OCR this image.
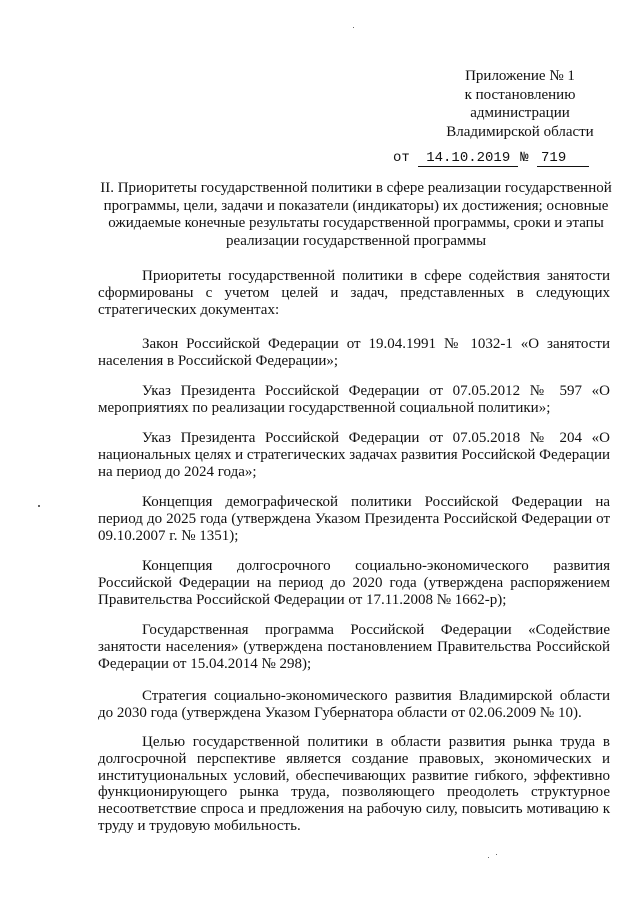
Приложение № 1
к постановлению
администрации
Владимирской области
от 14.10.2019 № 719
II. Приоритеты государственной политики в сфере реализации государственной программы, цели, задачи и показатели (индикаторы) их достижения; основные ожидаемые конечные результаты государственной программы, сроки и этапы реализации государственной программы

Приоритеты государственной политики в сфере содействия занятости сформированы с учетом целей и задач, представленных в следующих стратегических документах:

Закон Российской Федерации от 19.04.1991 № 1032-1 «О занятости населения в Российской Федерации»;

Указ Президента Российской Федерации от 07.05.2012 № 597 «О мероприятиях по реализации государственной социальной политики»;

Указ Президента Российской Федерации от 07.05.2018 № 204 «О национальных целях и стратегических задачах развития Российской Федерации на период до 2024 года»;

Концепция демографической политики Российской Федерации на период до 2025 года (утверждена Указом Президента Российской Федерации от 09.10.2007 г. № 1351);

Концепция долгосрочного социально-экономического развития Российской Федерации на период до 2020 года (утверждена распоряжением Правительства Российской Федерации от 17.11.2008 № 1662-р);

Государственная программа Российской Федерации «Содействие занятости населения» (утверждена постановлением Правительства Российской Федерации от 15.04.2014 № 298);

Стратегия социально-экономического развития Владимирской области до 2030 года (утверждена Указом Губернатора области от 02.06.2009 № 10).

Целью государственной политики в области развития рынка труда в долгосрочной перспективе является создание правовых, экономических и институциональных условий, обеспечивающих развитие гибкого, эффективно функционирующего рынка труда, позволяющего преодолеть структурное несоответствие спроса и предложения на рабочую силу, повысить мотивацию к труду и трудовую мобильность.
